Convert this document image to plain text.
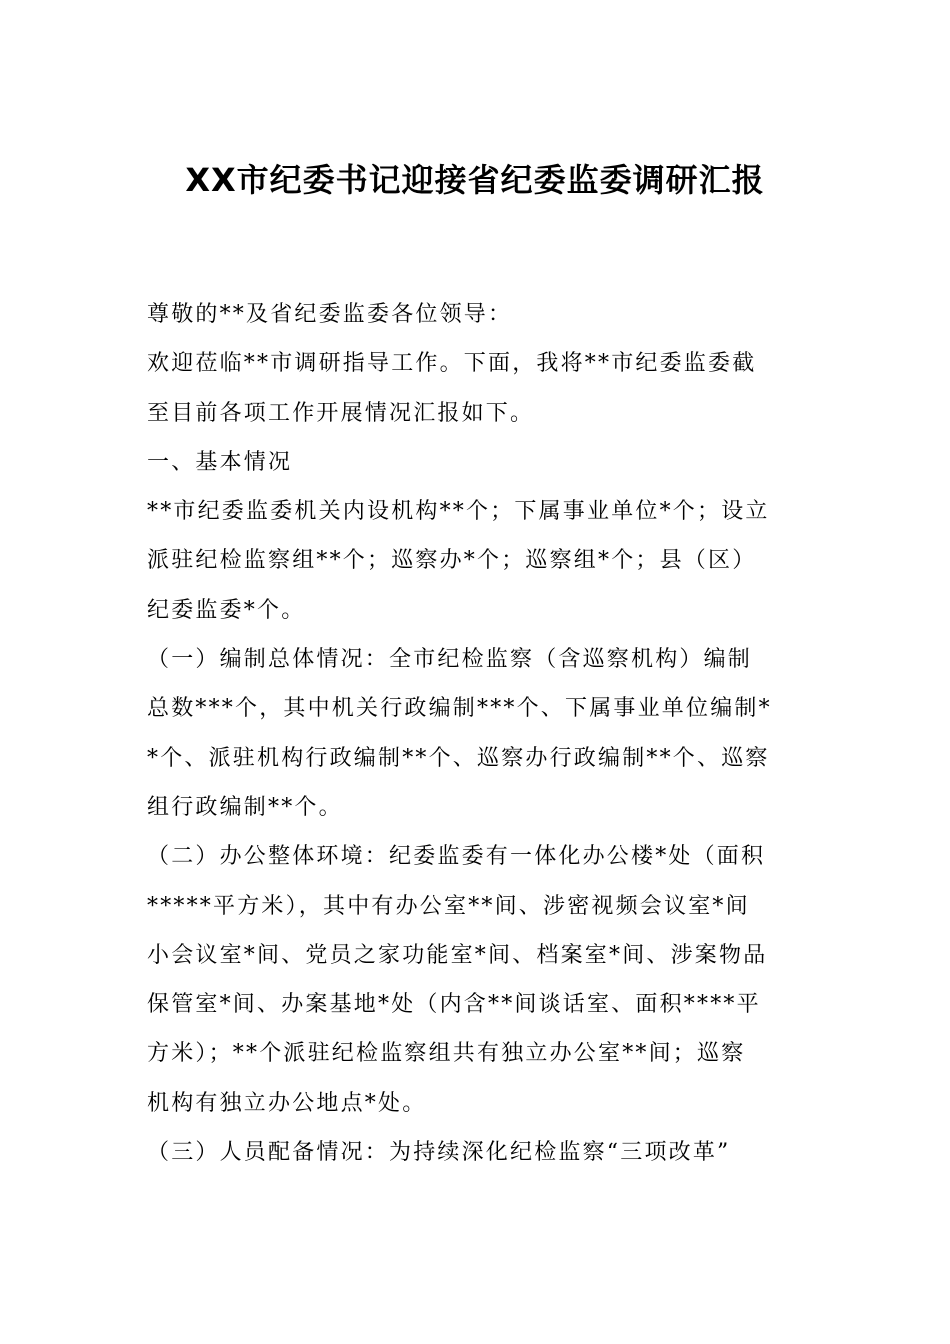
XX市纪委书记迎接省纪委监委调研汇报
尊敬的**及省纪委监委各位领导：
欢迎莅临**市调研指导工作。下面，我将**市纪委监委截
至目前各项工作开展情况汇报如下。
一、基本情况
**市纪委监委机关内设机构**个；下属事业单位*个；设立
派驻纪检监察组**个；巡察办*个；巡察组*个；县（区）
纪委监委*个。
（一）编制总体情况：全市纪检监察（含巡察机构）编制
总数***个，其中机关行政编制***个、下属事业单位编制*
*个、派驻机构行政编制**个、巡察办行政编制**个、巡察
组行政编制**个。
（二）办公整体环境：纪委监委有一体化办公楼*处（面积
*****平方米），其中有办公室**间、涉密视频会议室*间
小会议室*间、党员之家功能室*间、档案室*间、涉案物品
保管室*间、办案基地*处（内含**间谈话室、面积****平
方米）；**个派驻纪检监察组共有独立办公室**间；巡察
机构有独立办公地点*处。
（三）人员配备情况：为持续深化纪检监察“三项改革”
